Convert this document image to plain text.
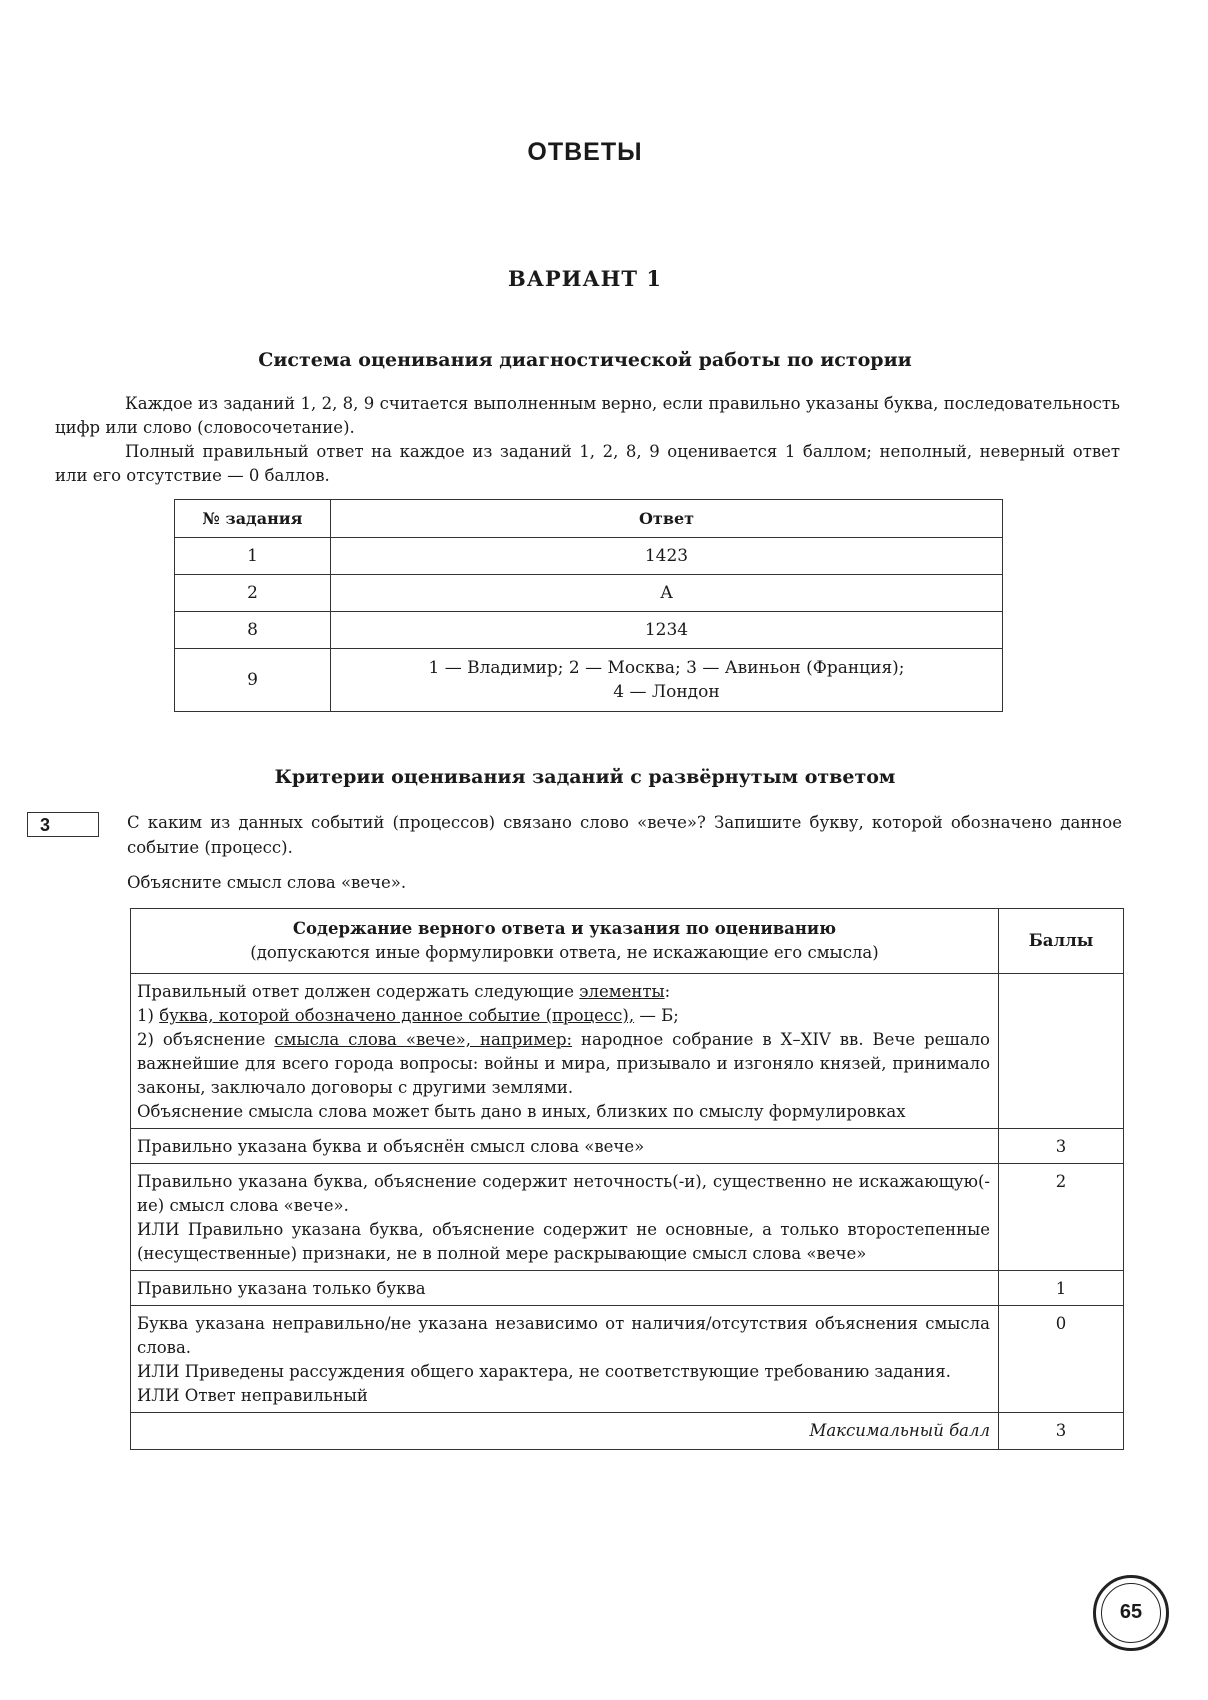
ОТВЕТЫ
ВАРИАНТ 1
Система оценивания диагностической работы по истории

Каждое из заданий 1, 2, 8, 9 считается выполненным верно, если правильно указаны буква, последовательность цифр или слово (словосочетание).

Полный правильный ответ на каждое из заданий 1, 2, 8, 9 оценивается 1 баллом; неполный, неверный ответ или его отсутствие — 0 баллов.

№ задания	Ответ
1	1423
2	А
8	1234
9	1 — Владимир; 2 — Москва; 3 — Авиньон (Франция);
4 — Лондон
Критерии оценивания заданий с развёрнутым ответом
3	С каким из данных событий (процессов) связано слово «вече»? Запишите букву, которой обозначено данное событие (процесс).

Объясните смысл слова «вече».

Содержание верного ответа и указания по оцениванию
(допускаются иные формулировки ответа, не искажающие его смысла)	Баллы

Правильный ответ должен содержать следующие элементы:
1) буква, которой обозначено данное событие (процесс), — Б;
2) объяснение смысла слова «вече», например: народное собрание в X–XIV вв. Вече решало важнейшие для всего города вопросы: войны и мира, призывало и изгоняло князей, принимало законы, заключало договоры с другими землями.
Объяснение смысла слова может быть дано в иных, близких по смыслу формулировках	

Правильно указана буква и объяснён смысл слова «вече»	3

Правильно указана буква, объяснение содержит неточность(-и), существенно не искажающую(-ие) смысл слова «вече».
ИЛИ Правильно указана буква, объяснение содержит не основные, а только второстепенные (несущественные) признаки, не в полной мере раскрывающие смысл слова «вече»	2

Правильно указана только буква	1

Буква указана неправильно/не указана независимо от наличия/отсутствия объяснения смысла слова.
ИЛИ Приведены рассуждения общего характера, не соответствующие требованию задания.
ИЛИ Ответ неправильный	0
Максимальный балл	3
65
